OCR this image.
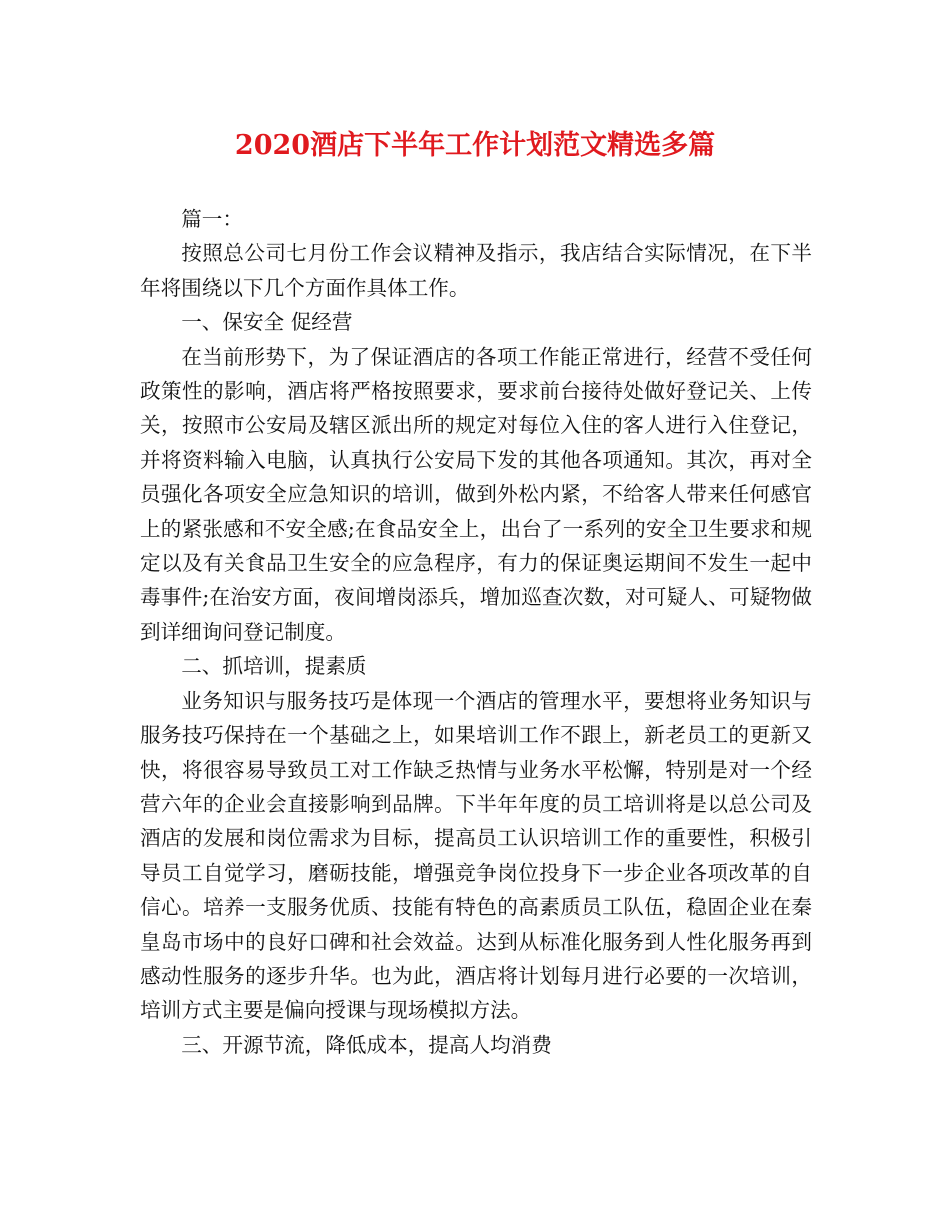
2020酒店下半年工作计划范文精选多篇

篇一：

按照总公司七月份工作会议精神及指示，我店结合实际情况，在下半年将围绕以下几个方面作具体工作。

一、保安全 促经营

在当前形势下，为了保证酒店的各项工作能正常进行，经营不受任何政策性的影响，酒店将严格按照要求，要求前台接待处做好登记关、上传关，按照市公安局及辖区派出所的规定对每位入住的客人进行入住登记，并将资料输入电脑，认真执行公安局下发的其他各项通知。其次，再对全员强化各项安全应急知识的培训，做到外松内紧，不给客人带来任何感官上的紧张感和不安全感;在食品安全上，出台了一系列的安全卫生要求和规定以及有关食品卫生安全的应急程序，有力的保证奥运期间不发生一起中毒事件;在治安方面，夜间增岗添兵，增加巡查次数，对可疑人、可疑物做到详细询问登记制度。

二、抓培训，提素质

业务知识与服务技巧是体现一个酒店的管理水平，要想将业务知识与服务技巧保持在一个基础之上，如果培训工作不跟上，新老员工的更新又快，将很容易导致员工对工作缺乏热情与业务水平松懈，特别是对一个经营六年的企业会直接影响到品牌。下半年年度的员工培训将是以总公司及酒店的发展和岗位需求为目标，提高员工认识培训工作的重要性，积极引导员工自觉学习，磨砺技能，增强竞争岗位投身下一步企业各项改革的自信心。培养一支服务优质、技能有特色的高素质员工队伍，稳固企业在秦皇岛市场中的良好口碑和社会效益。达到从标准化服务到人性化服务再到感动性服务的逐步升华。也为此，酒店将计划每月进行必要的一次培训，培训方式主要是偏向授课与现场模拟方法。

三、开源节流，降低成本，提高人均消费
